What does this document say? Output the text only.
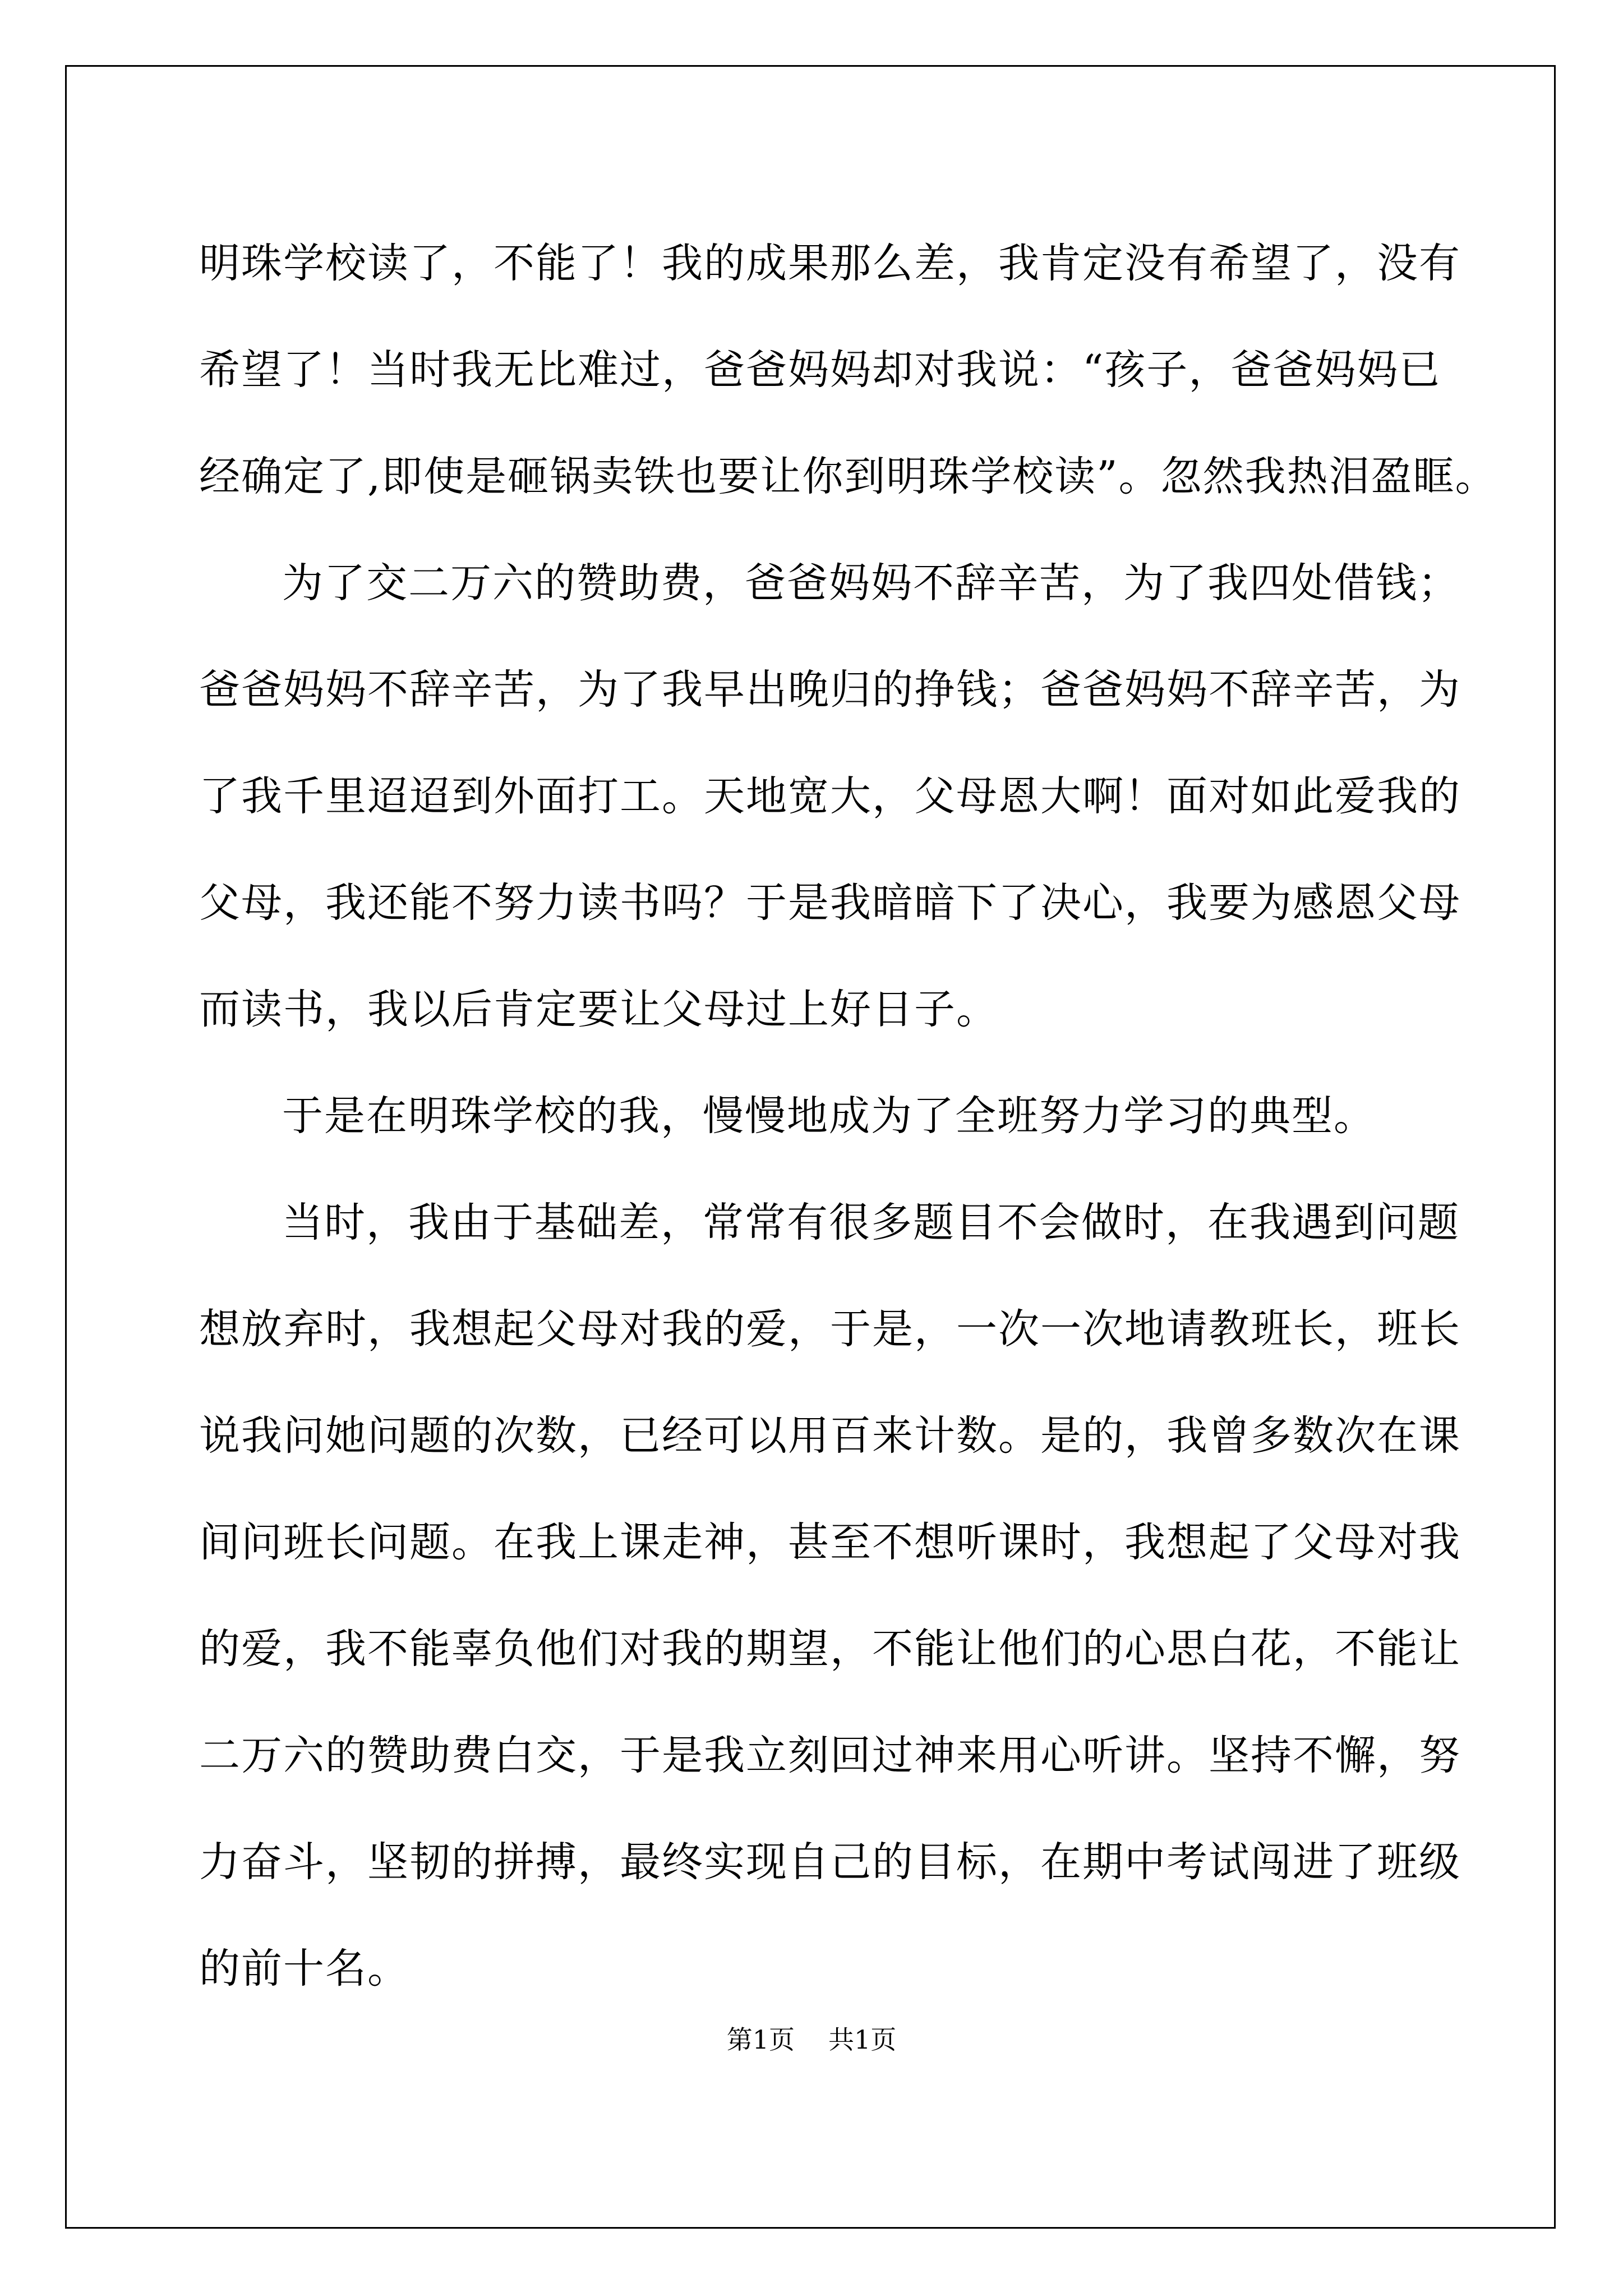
明珠学校读了，不能了！我的成果那么差，我肯定没有希望了，没有
希望了！当时我无比难过，爸爸妈妈却对我说：“孩子，爸爸妈妈已
经确定了,即使是砸锅卖铁也要让你到明珠学校读”。忽然我热泪盈眶。
为了交二万六的赞助费，爸爸妈妈不辞辛苦，为了我四处借钱；
爸爸妈妈不辞辛苦，为了我早出晚归的挣钱；爸爸妈妈不辞辛苦，为
了我千里迢迢到外面打工。天地宽大，父母恩大啊！面对如此爱我的
父母，我还能不努力读书吗？于是我暗暗下了决心，我要为感恩父母
而读书，我以后肯定要让父母过上好日子。
于是在明珠学校的我，慢慢地成为了全班努力学习的典型。
当时，我由于基础差，常常有很多题目不会做时，在我遇到问题
想放弃时，我想起父母对我的爱，于是，一次一次地请教班长，班长
说我问她问题的次数，已经可以用百来计数。是的，我曾多数次在课
间问班长问题。在我上课走神，甚至不想听课时，我想起了父母对我
的爱，我不能辜负他们对我的期望，不能让他们的心思白花，不能让
二万六的赞助费白交，于是我立刻回过神来用心听讲。坚持不懈，努
力奋斗，坚韧的拼搏，最终实现自己的目标，在期中考试闯进了班级
的前十名。
第1页 共1页
